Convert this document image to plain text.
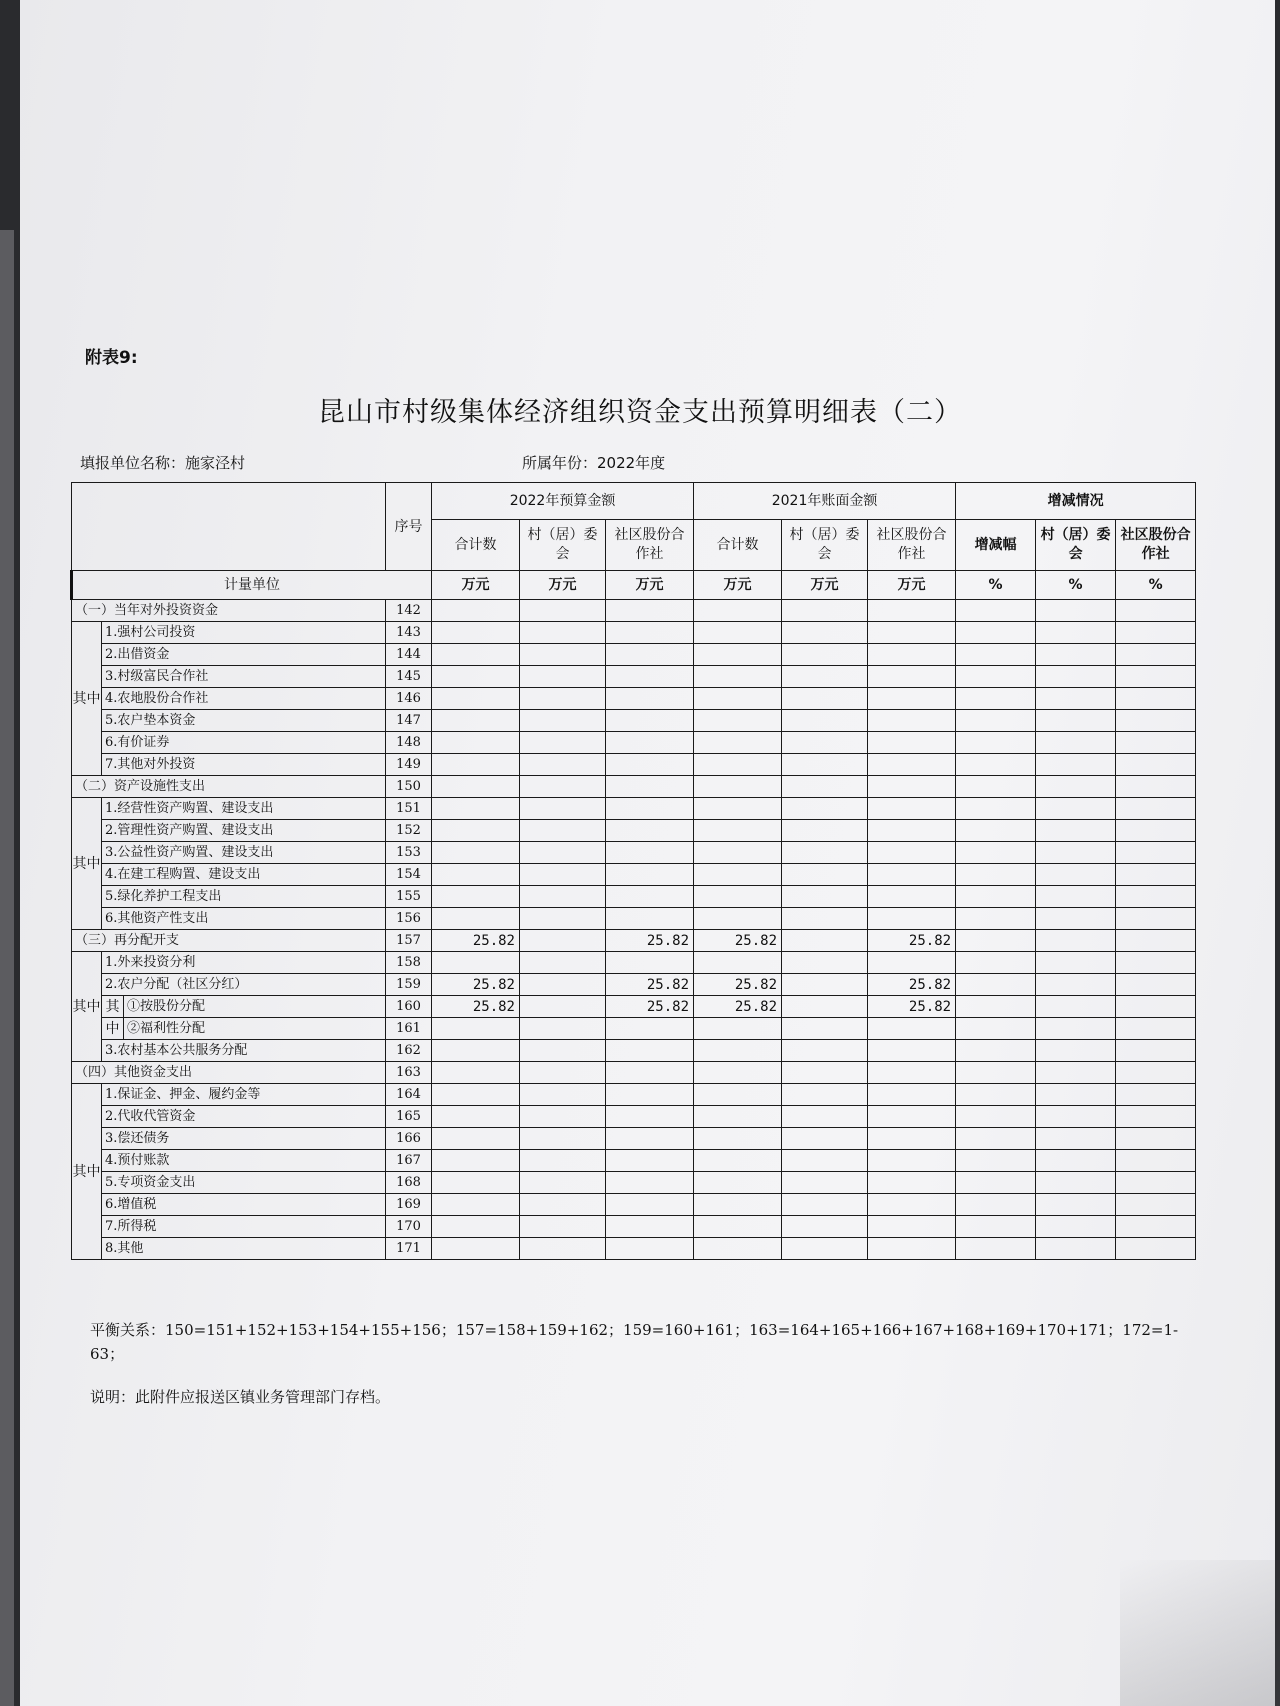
附表9:
昆山市村级集体经济组织资金支出预算明细表（二）
填报单位名称：施家泾村	所属年份：2022年度
			序号	2022年预算金额			2021年账面金额			增减情况		
				合计数	村（居）委会	社区股份合作社	合计数	村（居）委会	社区股份合作社	增减幅	村（居）委会	社区股份合作社
计量单位				万元	万元	万元	万元	万元	万元	%	%	%
（一）当年对外投资资金			142									
其中	1.强村公司投资		143									
	2.出借资金		144									
	3.村级富民合作社		145									
	4.农地股份合作社		146									
	5.农户垫本资金		147									
	6.有价证券		148									
	7.其他对外投资		149									
（二）资产设施性支出			150									
其中	1.经营性资产购置、建设支出		151									
	2.管理性资产购置、建设支出		152									
	3.公益性资产购置、建设支出		153									
	4.在建工程购置、建设支出		154									
	5.绿化养护工程支出		155									
	6.其他资产性支出		156									
（三）再分配开支			157	25.82		25.82	25.82		25.82			
其中	1.外来投资分利		158									
	2.农户分配（社区分红）		159	25.82		25.82	25.82		25.82			
	其	①按股份分配	160	25.82		25.82	25.82		25.82			
	中	②福利性分配	161									
	3.农村基本公共服务分配		162									
（四）其他资金支出			163									
其中	1.保证金、押金、履约金等		164									
	2.代收代管资金		165									
	3.偿还债务		166									
	4.预付账款		167									
	5.专项资金支出		168									
	6.增值税		169									
	7.所得税		170									
	8.其他		171									
平衡关系：150=151+152+153+154+155+156；157=158+159+162；159=160+161；163=164+165+166+167+168+169+170+171；172=1-63；
说明：此附件应报送区镇业务管理部门存档。
